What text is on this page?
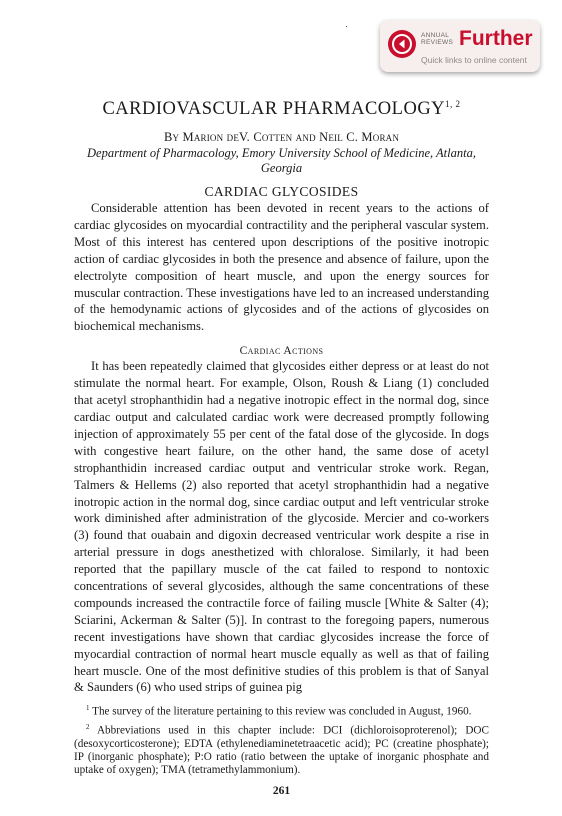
ANNUAL
REVIEWS Further
Quick links to online content
CARDIOVASCULAR PHARMACOLOGY$^{1, 2}$
By Marion deV. Cotten and Neil C. Moran
Department of Pharmacology, Emory University School of Medicine, Atlanta, Georgia
CARDIAC GLYCOSIDES

Considerable attention has been devoted in recent years to the actions of cardiac glycosides on myocardial contractility and the peripheral vascular system. Most of this interest has centered upon descriptions of the positive inotropic action of cardiac glycosides in both the presence and absence of failure, upon the electrolyte composition of heart muscle, and upon the energy sources for muscular contraction. These investigations have led to an increased understanding of the hemodynamic actions of glycosides and of the actions of glycosides on biochemical mechanisms.

Cardiac Actions

It has been repeatedly claimed that glycosides either depress or at least do not stimulate the normal heart. For example, Olson, Roush & Liang (1) concluded that acetyl strophanthidin had a negative inotropic effect in the normal dog, since cardiac output and calculated cardiac work were decreased promptly following injection of approximately 55 per cent of the fatal dose of the glycoside. In dogs with congestive heart failure, on the other hand, the same dose of acetyl strophanthidin increased cardiac output and ventricular stroke work. Regan, Talmers & Hellems (2) also reported that acetyl strophanthidin had a negative inotropic action in the normal dog, since cardiac output and left ventricular stroke work diminished after administration of the glycoside. Mercier and co-workers (3) found that ouabain and digoxin decreased ventricular work despite a rise in arterial pressure in dogs anesthetized with chloralose. Similarly, it had been reported that the papillary muscle of the cat failed to respond to nontoxic concentrations of several glycosides, although the same concentrations of these compounds increased the contractile force of failing muscle [White & Salter (4); Sciarini, Ackerman & Salter (5)]. In contrast to the foregoing papers, numerous recent investigations have shown that cardiac glycosides increase the force of myocardial contraction of normal heart muscle equally as well as that of failing heart muscle. One of the most definitive studies of this problem is that of Sanyal & Saunders (6) who used strips of guinea pig

$^1$ The survey of the literature pertaining to this review was concluded in August, 1960.

$^2$ Abbreviations used in this chapter include: DCI (dichloroisoproterenol); DOC (desoxycorticosterone); EDTA (ethylenediaminetetraacetic acid); PC (creatine phosphate); IP (inorganic phosphate); P:O ratio (ratio between the uptake of inorganic phosphate and uptake of oxygen); TMA (tetramethylammonium).

261
